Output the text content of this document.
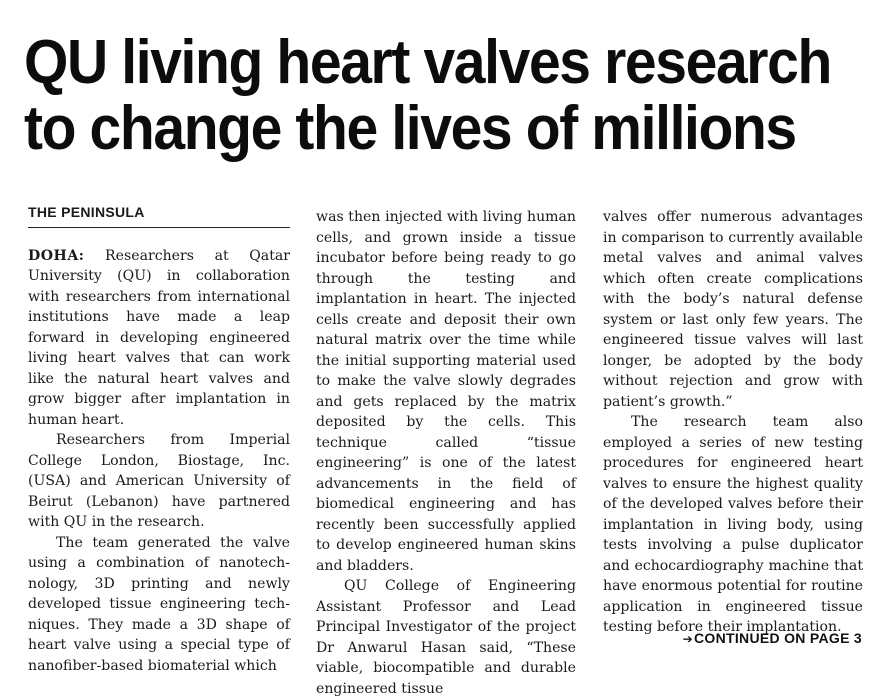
QU living heart valves research
to change the lives of millions
THE PENINSULA

DOHA: Researchers at Qatar University (QU) in collaboration with researchers from international institutions have made a leap forward in developing engineered living heart valves that can work like the natural heart valves and grow bigger after implantation in human heart.

Researchers from Imperial College London, Biostage, Inc. (USA) and American University of Beirut (Lebanon) have partnered with QU in the research.

The team generated the valve using a combination of nanotechnology, 3D printing and newly developed tissue engineering techniques. They made a 3D shape of heart valve using a special type of nanofiber-based biomaterial which

was then injected with living human cells, and grown inside a tissue incubator before being ready to go through the testing and implantation in heart. The injected cells create and deposit their own natural matrix over the time while the initial supporting material used to make the valve slowly degrades and gets replaced by the matrix deposited by the cells. This technique called “tissue engineering” is one of the latest advancements in the field of biomedical engineering and has recently been successfully applied to develop engineered human skins and bladders.

QU College of Engineering Assistant Professor and Lead Principal Investigator of the project Dr Anwarul Hasan said, “These viable, biocompatible and durable engineered tissue

valves offer numerous advantages in comparison to currently available metal valves and animal valves which often create complications with the body’s natural defense system or last only few years. The engineered tissue valves will last longer, be adopted by the body without rejection and grow with patient’s growth.”

The research team also employed a series of new testing procedures for engineered heart valves to ensure the highest quality of the developed valves before their implantation in living body, using tests involving a pulse duplicator and echocardiography machine that have enormous potential for routine application in engineered tissue testing before their implantation.

➔CONTINUED ON PAGE 3
